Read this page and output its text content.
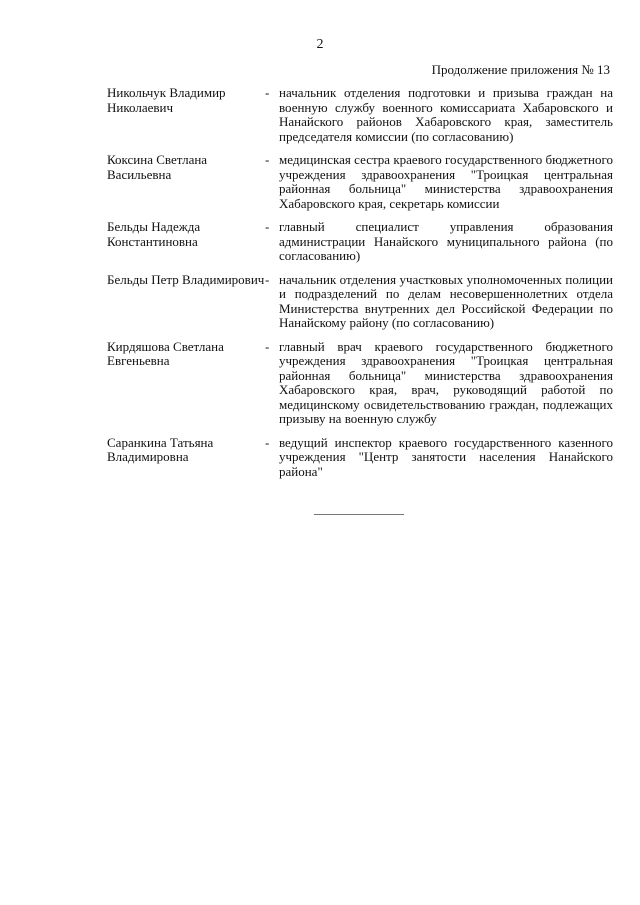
2
Продолжение приложения № 13
Никольчук Владимир Николаевич
- начальник отделения подготовки и призыва граждан на военную службу военного комиссариата Хабаровского и Нанайского районов Хабаровского края, заместитель председателя комиссии (по согласованию)
Коксина Светлана Васильевна
- медицинская сестра краевого государственного бюджетного учреждения здравоохранения "Троицкая центральная районная больница" министерства здравоохранения Хабаровского края, секретарь комиссии
Бельды Надежда Константиновна
- главный специалист управления образования администрации Нанайского муниципального района (по согласованию)
Бельды Петр Владимирович - начальник отделения участковых уполномоченных полиции и подразделений по делам несовершеннолетних отдела Министерства внутренних дел Российской Федерации по Нанайскому району (по согласованию)
Кирдяшова Светлана Евгеньевна
- главный врач краевого государственного бюджетного учреждения здравоохранения "Троицкая центральная районная больница" министерства здравоохранения Хабаровского края, врач, руководящий работой по медицинскому освидетельствованию граждан, подлежащих призыву на военную службу
Саранкина Татьяна Владимировна
- ведущий инспектор краевого государственного казенного учреждения "Центр занятости населения Нанайского района"
